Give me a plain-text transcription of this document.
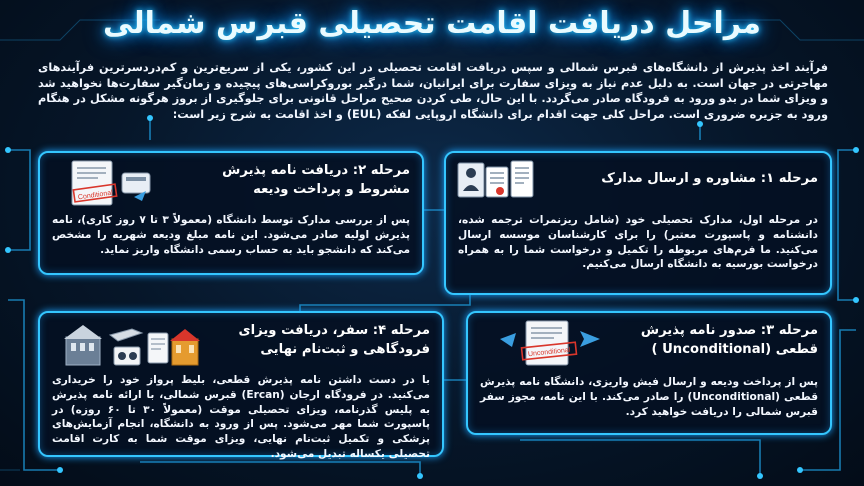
مراحل دریافت اقامت تحصیلی قبرس شمالی
فرآیند اخذ پذیرش از دانشگاه‌های قبرس شمالی و سپس دریافت اقامت تحصیلی در این کشور، یکی از سریع‌ترین و کم‌دردسرترین فرآیندهای مهاجرتی در جهان است. به دلیل عدم نیاز به ویزای سفارت برای ایرانیان، شما درگیر بوروکراسی‌های پیچیده و زمان‌گیر سفارت‌ها نخواهید شد و ویزای شما در بدو ورود به فرودگاه صادر می‌گردد. با این حال، طی کردن صحیح مراحل قانونی برای جلوگیری از بروز هرگونه مشکل در هنگام ورود به جزیره ضروری است. مراحل کلی جهت اقدام برای دانشگاه اروپایی لفکه (EUL) و اخذ اقامت به شرح زیر است:
مرحله ۱: مشاوره و ارسال مدارک

در مرحله اول، مدارک تحصیلی خود (شامل ریزنمرات ترجمه شده، دانشنامه و پاسپورت معتبر) را برای کارشناسان موسسه ارسال می‌کنید. ما فرم‌های مربوطه را تکمیل و درخواست شما را به همراه درخواست بورسیه به دانشگاه ارسال می‌کنیم.

مرحله ۲: دریافت نامه پذیرش مشروط و پرداخت ودیعه
Conditional

پس از بررسی مدارک توسط دانشگاه (معمولاً ۳ تا ۷ روز کاری)، نامه پذیرش اولیه صادر می‌شود. این نامه مبلغ ودیعه شهریه را مشخص می‌کند که دانشجو باید به حساب رسمی دانشگاه واریز نماید.

مرحله ۳: صدور نامه پذیرش قطعی (Unconditional )
Unconditional

پس از پرداخت ودیعه و ارسال فیش واریزی، دانشگاه نامه پذیرش قطعی (Unconditional) را صادر می‌کند. با این نامه، مجوز سفر قبرس شمالی را دریافت خواهید کرد.

مرحله ۴: سفر، دریافت ویزای فرودگاهی و ثبت‌نام نهایی

با در دست داشتن نامه پذیرش قطعی، بلیط پرواز خود را خریداری می‌کنید. در فرودگاه ارجان (Ercan) قبرس شمالی، با ارائه نامه پذیرش به پلیس گذرنامه، ویزای تحصیلی موقت (معمولاً ۳۰ تا ۶۰ روزه) در پاسپورت شما مهر می‌شود. پس از ورود به دانشگاه، انجام آزمایش‌های پزشکی و تکمیل ثبت‌نام نهایی، ویزای موقت شما به کارت اقامت تحصیلی یکساله تبدیل می‌شود.
